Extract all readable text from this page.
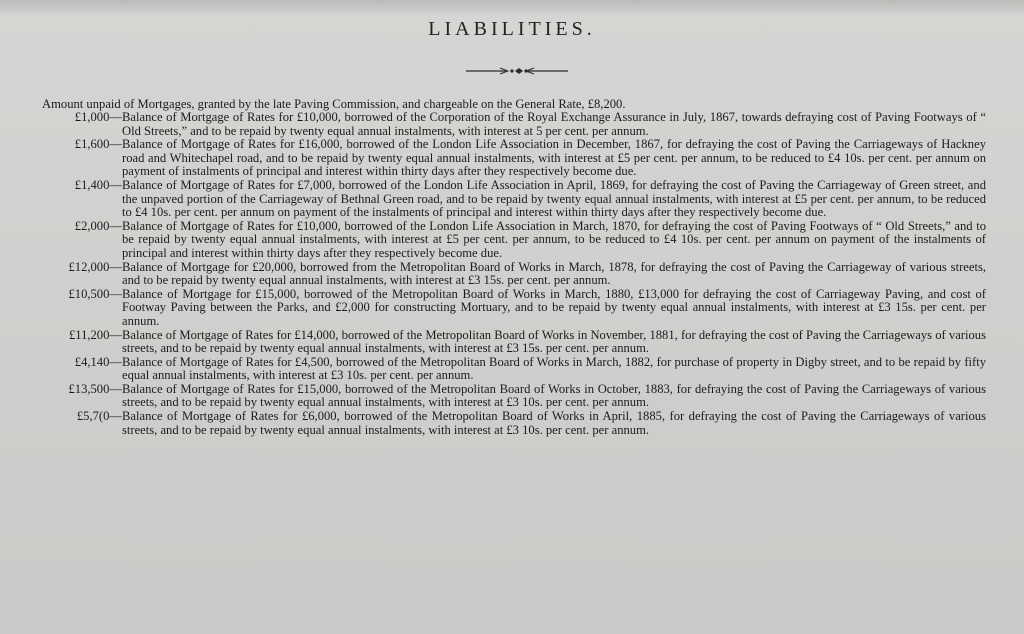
LIABILITIES.
Amount unpaid of Mortgages, granted by the late Paving Commission, and chargeable on the General Rate, £8,200.
£1,000— Balance of Mortgage of Rates for £10,000, borrowed of the Corporation of the Royal Exchange Assurance in July, 1867, towards defraying cost of Paving Footways of “ Old Streets,” and to be repaid by twenty equal annual instalments, with interest at 5 per cent. per annum.
£1,600— Balance of Mortgage of Rates for £16,000, borrowed of the London Life Association in December, 1867, for defraying the cost of Paving the Carriageways of Hackney road and Whitechapel road, and to be repaid by twenty equal annual instalments, with interest at £5 per cent. per annum, to be reduced to £4 10s. per cent. per annum on payment of instalments of principal and interest within thirty days after they respectively become due.
£1,400— Balance of Mortgage of Rates for £7,000, borrowed of the London Life Association in April, 1869, for defraying the cost of Paving the Carriageway of Green street, and the unpaved portion of the Carriageway of Bethnal Green road, and to be repaid by twenty equal annual instalments, with interest at £5 per cent. per annum, to be reduced to £4 10s. per cent. per annum on payment of the instalments of principal and interest within thirty days after they respectively become due.
£2,000— Balance of Mortgage of Rates for £10,000, borrowed of the London Life Association in March, 1870, for defraying the cost of Paving Footways of “ Old Streets,” and to be repaid by twenty equal annual instalments, with interest at £5 per cent. per annum, to be reduced to £4 10s. per cent. per annum on payment of the instalments of principal and interest within thirty days after they respectively become due.
£12,000— Balance of Mortgage for £20,000, borrowed from the Metropolitan Board of Works in March, 1878, for defraying the cost of Paving the Carriageway of various streets, and to be repaid by twenty equal annual instalments, with interest at £3 15s. per cent. per annum.
£10,500— Balance of Mortgage for £15,000, borrowed of the Metropolitan Board of Works in March, 1880, £13,000 for defraying the cost of Carriageway Paving, and cost of Footway Paving between the Parks, and £2,000 for constructing Mortuary, and to be repaid by twenty equal annual instalments, with interest at £3 15s. per cent. per annum.
£11,200— Balance of Mortgage of Rates for £14,000, borrowed of the Metropolitan Board of Works in November, 1881, for defraying the cost of Paving the Carriageways of various streets, and to be repaid by twenty equal annual instalments, with interest at £3 15s. per cent. per annum.
£4,140— Balance of Mortgage of Rates for £4,500, borrowed of the Metropolitan Board of Works in March, 1882, for purchase of property in Digby street, and to be repaid by fifty equal annual instalments, with interest at £3 10s. per cent. per annum.
£13,500— Balance of Mortgage of Rates for £15,000, borrowed of the Metropolitan Board of Works in October, 1883, for defraying the cost of Paving the Carriageways of various streets, and to be repaid by twenty equal annual instalments, with interest at £3 10s. per cent. per annum.
£5,7(0— Balance of Mortgage of Rates for £6,000, borrowed of the Metropolitan Board of Works in April, 1885, for defraying the cost of Paving the Carriageways of various streets, and to be repaid by twenty equal annual instalments, with interest at £3 10s. per cent. per annum.
